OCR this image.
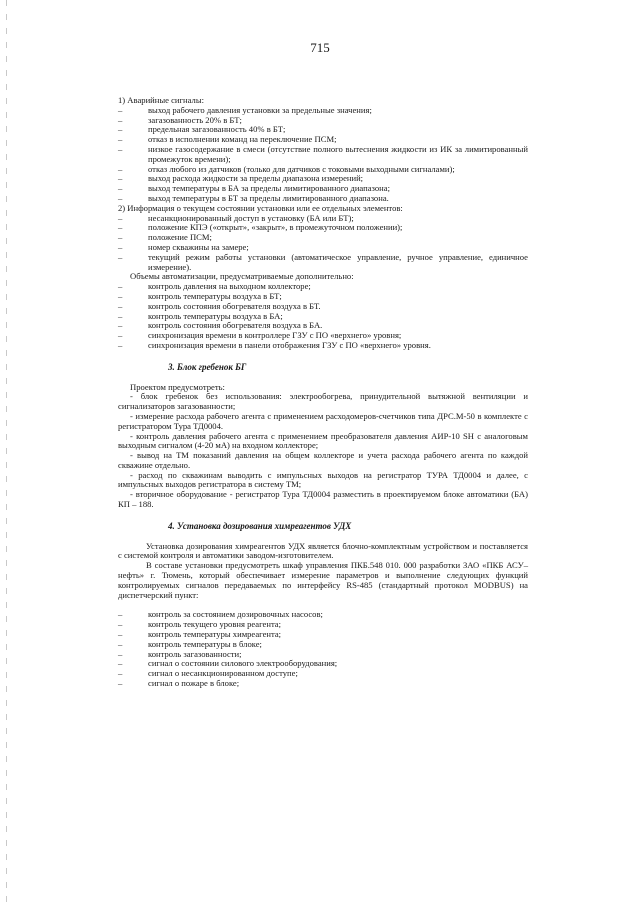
715

1) Аварийные сигналы:

– выход рабочего давления установки за предельные значения;
– загазованность 20% в БТ;
– предельная загазованность 40% в БТ;
– отказ в исполнении команд на переключение ПСМ;
– низкое газосодержание в смеси (отсутствие полного вытеснения жидкости из ИК за лимитированный промежуток времени);
– отказ любого из датчиков (только для датчиков с токовыми выходными сигналами);
– выход расхода жидкости за пределы диапазона измерений;
– выход температуры в БА за пределы лимитированного диапазона;
– выход температуры в БТ за пределы лимитированного диапазона.

2) Информация о текущем состоянии установки или ее отдельных элементов:

– несанкционированный доступ в установку (БА или БТ);
– положение КПЭ («открыт», «закрыт», в промежуточном положении);
– положение ПСМ;
– номер скважины на замере;
– текущий режим работы установки (автоматическое управление, ручное управление, единичное измерение).

Объемы автоматизации, предусматриваемые дополнительно:

– контроль давления на выходном коллекторе;
– контроль температуры воздуха в БТ;
– контроль состояния обогревателя воздуха в БТ.
– контроль температуры воздуха в БА;
– контроль состояния обогревателя воздуха в БА.
– синхронизация времени в контроллере ГЗУ с ПО «верхнего» уровня;
– синхронизация времени в панели отображения ГЗУ с ПО «верхнего» уровня.
3. Блок гребенок БГ

Проектом предусмотреть:

- блок гребенок без использования: электрообогрева, принудительной вытяжной вентиляции и сигнализаторов загазованности;

- измерение расхода рабочего агента с применением расходомеров-счетчиков типа ДРС.М-50 в комплекте с регистратором Тура ТД0004.

- контроль давления рабочего агента с применением преобразователя давления АИР-10 SH с аналоговым выходным сигналом (4-20 мА) на входном коллекторе;

- вывод на ТМ показаний давления на общем коллекторе и учета расхода рабочего агента по каждой скважине отдельно.

- расход по скважинам выводить с импульсных выходов на регистратор ТУРА ТД0004 и далее, с импульсных выходов регистратора в систему ТМ;

- вторичное оборудование - регистратор Тура ТД0004 разместить в проектируемом блоке автоматики (БА) КП – 188.

4. Установка дозирования химреагентов УДХ

Установка дозирования химреагентов УДХ является блочно-комплектным устройством и поставляется с системой контроля и автоматики заводом-изготовителем.

В составе установки предусмотреть шкаф управления ПКБ.548 010. 000 разработки ЗАО «ПКБ АСУ–нефть» г. Тюмень, который обеспечивает измерение параметров и выполнение следующих функций контролируемых сигналов передаваемых по интерфейсу RS-485 (стандартный протокол MODBUS) на диспетчерский пункт:

– контроль за состоянием дозировочных насосов;
– контроль текущего уровня реагента;
– контроль температуры химреагента;
– контроль температуры в блоке;
– контроль загазованности;
– сигнал о состоянии силового электрооборудования;
– сигнал о несанкционированном доступе;
– сигнал о пожаре в блоке;
